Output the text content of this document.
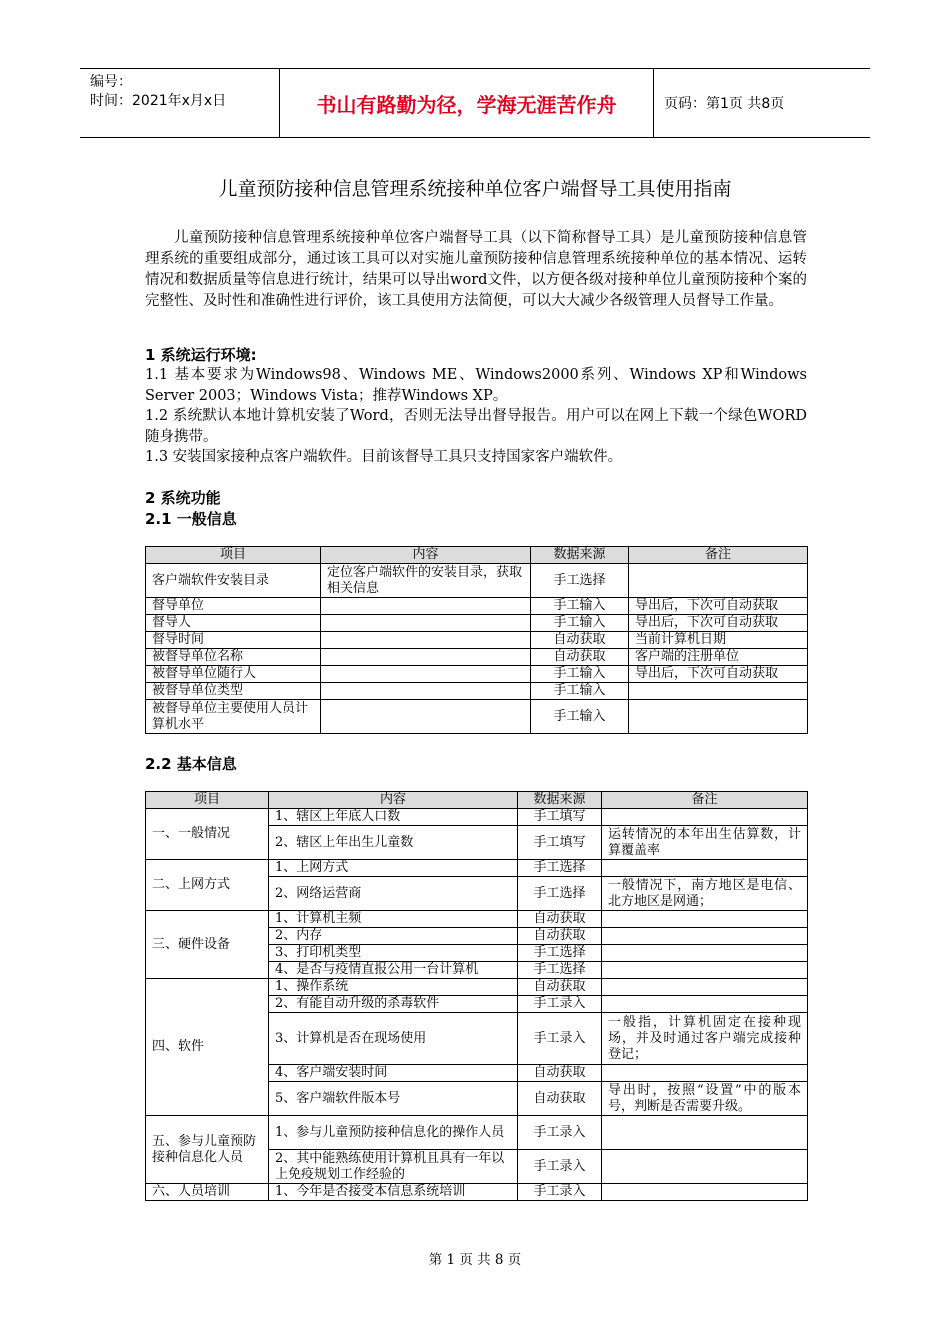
编号：
时间：2021年x月x日	书山有路勤为径，学海无涯苦作舟	页码：第1页 共8页
儿童预防接种信息管理系统接种单位客户端督导工具使用指南
儿童预防接种信息管理系统接种单位客户端督导工具（以下简称督导工具）是儿童预防接种信息管理系统的重要组成部分，通过该工具可以对实施儿童预防接种信息管理系统接种单位的基本情况、运转情况和数据质量等信息进行统计，结果可以导出word文件，以方便各级对接种单位儿童预防接种个案的完整性、及时性和准确性进行评价，该工具使用方法简便，可以大大减少各级管理人员督导工作量。
1 系统运行环境:
1.1 基本要求为Windows98、Windows ME、Windows2000系列、Windows XP和Windows Server 2003；Windows Vista；推荐Windows XP。
1.2 系统默认本地计算机安装了Word，否则无法导出督导报告。用户可以在网上下载一个绿色WORD随身携带。
1.3 安装国家接种点客户端软件。目前该督导工具只支持国家客户端软件。
2 系统功能
2.1 一般信息
项目	内容	数据来源	备注
客户端软件安装目录	定位客户端软件的安装目录，获取相关信息	手工选择	
督导单位		手工输入	导出后，下次可自动获取
督导人		手工输入	导出后，下次可自动获取
督导时间		自动获取	当前计算机日期
被督导单位名称		自动获取	客户端的注册单位
被督导单位随行人		手工输入	导出后，下次可自动获取
被督导单位类型		手工输入	
被督导单位主要使用人员计算机水平		手工输入	
2.2 基本信息
项目	内容	数据来源	备注
一、一般情况	1、辖区上年底人口数	手工填写	
	2、辖区上年出生儿童数	手工填写	运转情况的本年出生估算数，计算覆盖率
二、上网方式	1、上网方式	手工选择	
	2、网络运营商	手工选择	一般情况下，南方地区是电信、北方地区是网通；
三、硬件设备	1、计算机主频	自动获取	
	2、内存	自动获取	
	3、打印机类型	手工选择	
	4、是否与疫情直报公用一台计算机	手工选择	
四、软件	1、操作系统	自动获取	
	2、有能自动升级的杀毒软件	手工录入	
	3、计算机是否在现场使用	手工录入	一般指，计算机固定在接种现场，并及时通过客户端完成接种登记；
	4、客户端安装时间	自动获取	
	5、客户端软件版本号	自动获取	导出时，按照“设置”中的版本号，判断是否需要升级。
五、参与儿童预防接种信息化人员	1、参与儿童预防接种信息化的操作人员	手工录入	
	2、其中能熟练使用计算机且具有一年以上免疫规划工作经验的	手工录入	
六、人员培训	1、今年是否接受本信息系统培训	手工录入	
第 1 页 共 8 页
